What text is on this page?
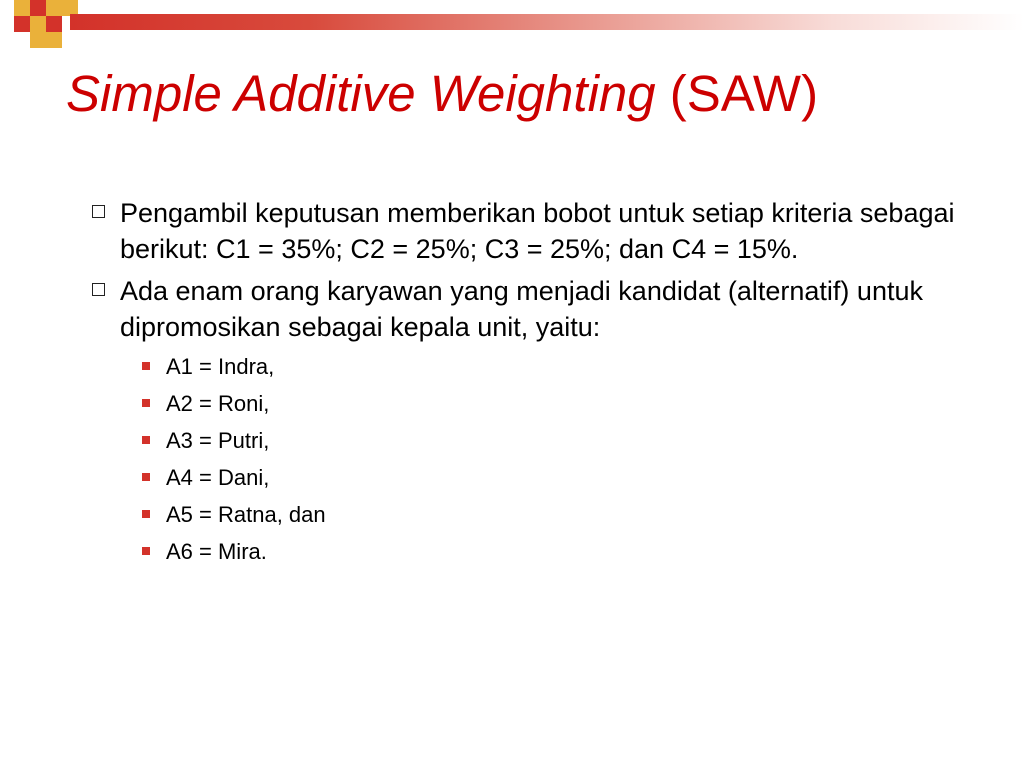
Simple Additive Weighting (SAW)
Pengambil keputusan memberikan bobot untuk setiap kriteria sebagai berikut: C1 = 35%; C2 = 25%; C3 = 25%; dan C4 = 15%.
Ada enam orang karyawan yang menjadi kandidat (alternatif) untuk dipromosikan sebagai kepala unit, yaitu:
A1 = Indra,
A2 = Roni,
A3 = Putri,
A4 = Dani,
A5 = Ratna, dan
A6 = Mira.
